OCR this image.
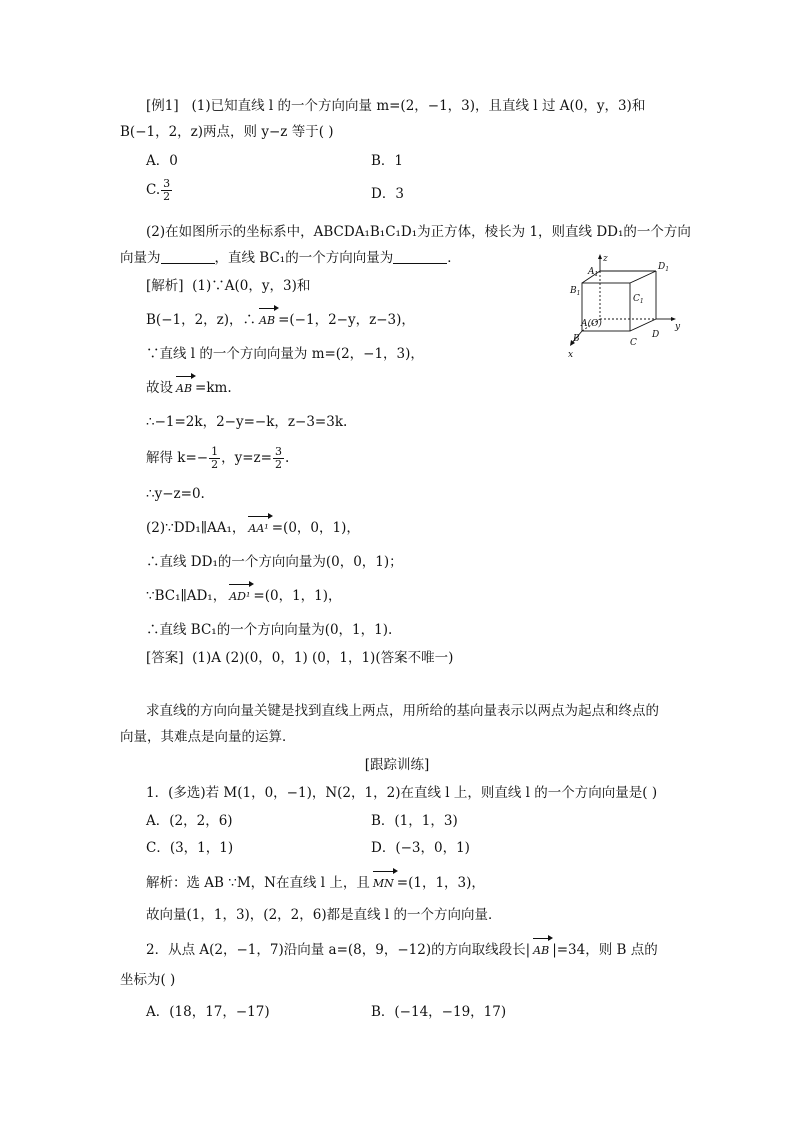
[例1] (1)已知直线 l 的一个方向向量 m=(2，−1，3)，且直线 l 过 A(0，y，3)和
B(−1，2，z)两点，则 y−z 等于( )
A．0	B．1
C. $\frac{3}{2}$	D．3
(2)在如图所示的坐标系中，ABCDA₁B₁C₁D₁为正方体，棱长为 1，则直线 DD₁的一个方向
向量为	，直线 BC₁的一个方向向量为	．	z
y
x
$A_1$
$D_1$
$B_1$
$C_1$
A(O)
D
B	C
[解析] (1)∵A(0，y，3)和
B(−1，2，z)，∴ AB =(−1，2−y，z−3)，
∵直线 l 的一个方向向量为 m=(2，−1，3)，
故设 AB =km.
∴−1=2k，2−y=−k，z−3=3k.
解得 $k=- \frac{1}{2}$ ，$y=z= \frac{3}{2}$ .
∴y−z=0.
(2)∵DD₁∥AA₁， AA¹ =(0，0，1)，
∴直线 DD₁的一个方向向量为(0，0，1)；
∵BC₁∥AD₁， AD¹ =(0，1，1)，
∴直线 BC₁的一个方向向量为(0，1，1).
[答案] (1)A (2)(0，0，1) (0，1，1)(答案不唯一)
求直线的方向向量关键是找到直线上两点，用所给的基向量表示以两点为起点和终点的
向量，其难点是向量的运算．
[跟踪训练]
1．(多选)若 M(1，0，−1)，N(2，1，2)在直线 l 上，则直线 l 的一个方向向量是( )
A．(2，2，6)	B．(1，1，3)
C．(3，1，1)	D．(−3，0，1)
解析：选 AB ∵M，N在直线 l 上，且 MN =(1，1，3)，
故向量(1，1，3)，(2，2，6)都是直线 l 的一个方向向量．
2．从点 A(2，−1，7)沿向量 a=(8，9，−12)的方向取线段长| AB |=34，则 B 点的
坐标为( )
A．(18，17，−17)	B．(−14，−19，17)
